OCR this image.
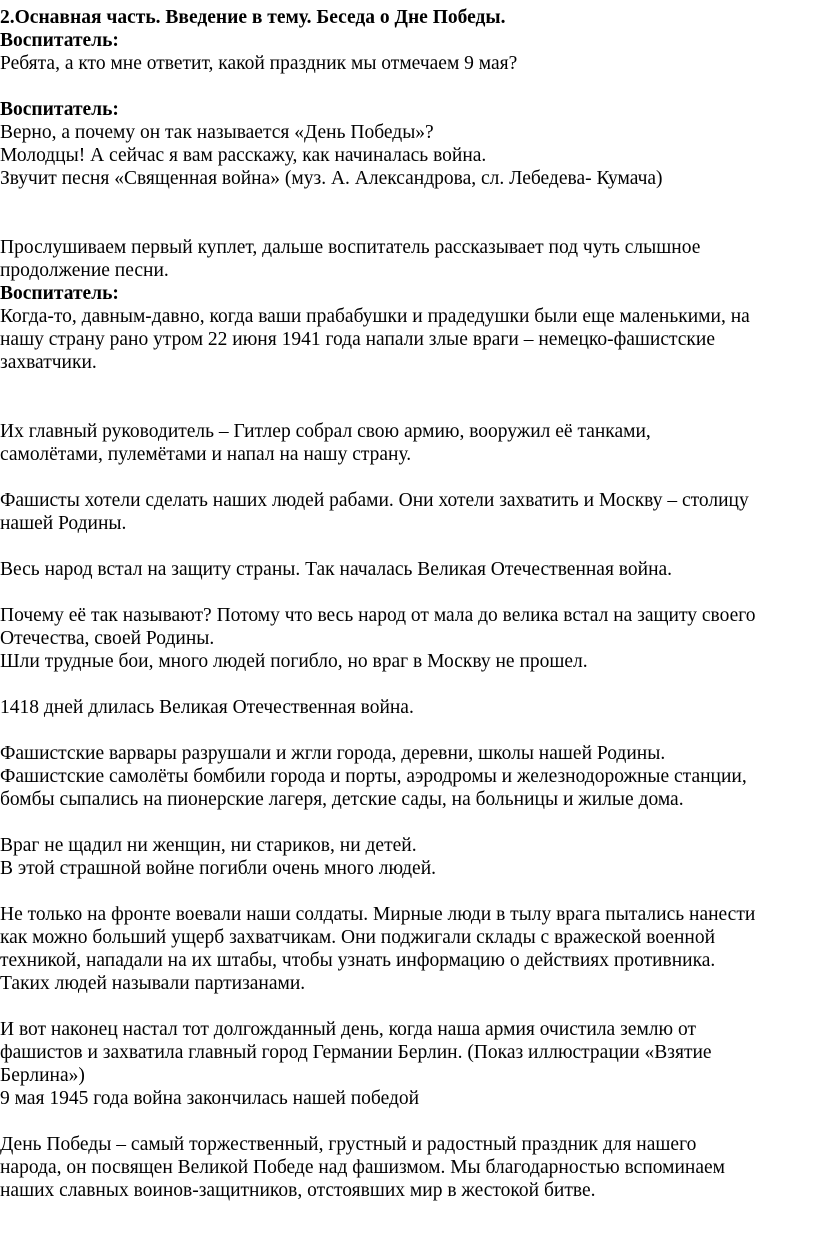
2.Оснавная часть. Введение в тему. Беседа о Дне Победы.
Воспитатель:
Ребята, а кто мне ответит, какой праздник мы отмечаем 9 мая?
Воспитатель:
Верно, а почему он так называется «День Победы»?
Молодцы! А сейчас я вам расскажу, как начиналась война.
Звучит песня «Священная война» (муз. А. Александрова, сл. Лебедева- Кумача)
Прослушиваем первый куплет, дальше воспитатель рассказывает под чуть слышное
продолжение песни.
Воспитатель:
Когда-то, давным-давно, когда ваши прабабушки и прадедушки были еще маленькими, на
нашу страну рано утром 22 июня 1941 года напали злые враги – немецко-фашистские
захватчики.
Их главный руководитель – Гитлер собрал свою армию, вооружил её танками,
самолётами, пулемётами и напал на нашу страну.
Фашисты хотели сделать наших людей рабами. Они хотели захватить и Москву – столицу
нашей Родины.
Весь народ встал на защиту страны. Так началась Великая Отечественная война.
Почему её так называют? Потому что весь народ от мала до велика встал на защиту своего
Отечества, своей Родины.
Шли трудные бои, много людей погибло, но враг в Москву не прошел.
1418 дней длилась Великая Отечественная война.
Фашистские варвары разрушали и жгли города, деревни, школы нашей Родины.
Фашистские самолёты бомбили города и порты, аэродромы и железнодорожные станции,
бомбы сыпались на пионерские лагеря, детские сады, на больницы и жилые дома.
Враг не щадил ни женщин, ни стариков, ни детей.
В этой страшной войне погибли очень много людей.
Не только на фронте воевали наши солдаты. Мирные люди в тылу врага пытались нанести
как можно больший ущерб захватчикам. Они поджигали склады с вражеской военной
техникой, нападали на их штабы, чтобы узнать информацию о действиях противника.
Таких людей называли партизанами.
И вот наконец настал тот долгожданный день, когда наша армия очистила землю от
фашистов и захватила главный город Германии Берлин. (Показ иллюстрации «Взятие
Берлина»)
9 мая 1945 года война закончилась нашей победой
День Победы – самый торжественный, грустный и радостный праздник для нашего
народа, он посвящен Великой Победе над фашизмом. Мы благодарностью вспоминаем
наших славных воинов-защитников, отстоявших мир в жестокой битве.
